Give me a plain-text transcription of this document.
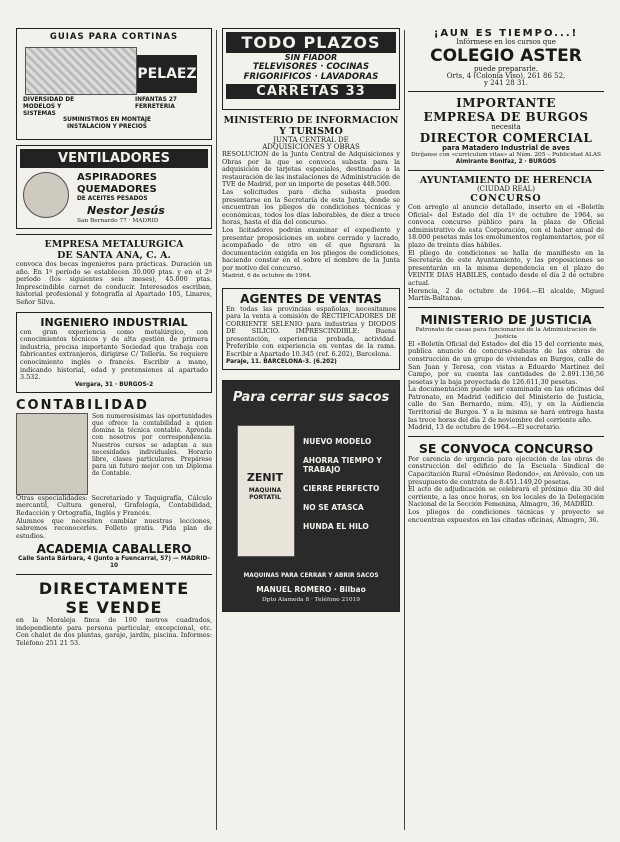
GUIAS PARA CORTINAS
DIVERSIDAD DE MODELOS Y SISTEMAS
PELAEZ
INFANTAS 27 FERRETERIA
SUMINISTROS EN MONTAJE INSTALACION Y PRECIOS
VENTILADORES
ASPIRADORES
QUEMADORES
DE ACEITES PESADOS
Nestor Jesús
San Bernardo 77 · MADRID
EMPRESA METALURGICA
DE SANTA ANA, C. A.
convoca dos becas ingenieros para prácticas. Duración un año. En 1º período se establecen 30.000 ptas. y en el 2º período (los siguientes seis meses), 45.000 ptas. Imprescindible carnet de conducir. Interesados escriban, historial profesional y fotografía al Apartado 105, Linares, Señor Silva.
INGENIERO INDUSTRIAL
con gran experiencia como metalúrgico, con conocimientos técnicos y de alta gestión de primera industria, precisa importante Sociedad que trabaja con fabricantes extranjeros, dirigirse C/ Tellería. Se requiere conocimiento inglés o francés. Escribir a mano, indicando historial, edad y pretensiones al apartado 3.532.
Vergara, 31 · BURGOS-2
CONTABILIDAD
Son numerosísimas las oportunidades que ofrece la contabilidad a quien domina la técnica contable. Aprenda con nosotros por correspondencia. Nuestros cursos se adaptan a sus necesidades individuales. Horario libre, clases particulares. Prepárese para un futuro mejor con un Diploma de Contable.
Otras especialidades: Secretariado y Taquigrafía, Cálculo mercantil, Cultura general, Grafología, Contabilidad, Redacción y Ortografía, Inglés y Francés.
Alumnos que necesiten cambiar nuestras lecciones, sabremos reconocerles. Folleto gratis. Pida plan de estudios.
ACADEMIA CABALLERO
Calle Santa Bárbara, 4 (Junto a Fuencarral, 57) — MADRID-10
DIRECTAMENTE
SE VENDE
en la Moraleja finca de 100 metros cuadrados, independiente para persona particular, excepcional, etc. Con chalet de dos plantas, garaje, jardín, piscina. Informes: Teléfono 251 21 53.
TODO PLAZOS
SIN FIADOR
TELEVISORES · COCINAS
FRIGORIFICOS · LAVADORAS
CARRETAS 33
MINISTERIO DE INFORMACION
Y TURISMO
JUNTA CENTRAL DE
ADQUISICIONES Y OBRAS
RESOLUCION de la Junta Central de Adquisiciones y Obras por la que se convoca subasta para la adquisición de tarjetas especiales, destinadas a la restauración de las instalaciones de Administración de TVE de Madrid, por un importe de pesetas 448.500.
Las solicitudes para dicha subasta pueden presentarse en la Secretaría de esta Junta, donde se encuentran los pliegos de condiciones técnicas y económicas, todos los días laborables, de diez a trece horas, hasta el día del concurso.
Los licitadores podrán examinar el expediente y presentar proposiciones en sobre cerrado y lacrado, acompañado de otro en el que figurará la documentación exigida en los pliegos de condiciones, haciendo constar en el sobre el nombre de la Junta por motivo del concurso.
Madrid, 6 de octubre de 1964.
AGENTES DE VENTAS
En todas las provincias españolas, necesitamos para la venta a comisión de RECTIFICADORES DE CORRIENTE SELENIO para industrias y DIODOS DE SILICIO. IMPRESCINDIBLE: Buena presentación, experiencia probada, actividad. Preferible con experiencia en ventas de la rama. Escribir a Apartado 10.345 (ref. 6.202), Barcelona.
Paraje, 11. BARCELONA-3. (6.202)
Para cerrar sus sacos
ZENIT
MAQUINA PORTATIL
NUEVO MODELO
AHORRA TIEMPO Y TRABAJO
CIERRE PERFECTO
NO SE ATASCA
HUNDA EL HILO
MAQUINAS PARA CERRAR Y ABRIR SACOS
MANUEL ROMERO · Bilbao
Dpto Alameda 8 · Teléfono 21019
¡AUN ES TIEMPO...!
Infórmese en los cursos que
COLEGIO ASTER
puede prepararle.
Orts, 4 (Colonia Viso), 261 86 52,
y 241 28 31.
IMPORTANTE
EMPRESA DE BURGOS
necesita
DIRECTOR COMERCIAL
para Matadero Industrial de aves
Diríjanse con «curriculum vitae» al Núm. 205 – Publicidad ALAS
Almirante Bonifaz, 2 · BURGOS
AYUNTAMIENTO DE HERENCIA
(CIUDAD REAL)
CONCURSO
Con arreglo al anuncio detallado, inserto en el «Boletín Oficial» del Estado del día 1º de octubre de 1964, se convoca concurso público para la plaza de Oficial administrativo de esta Corporación, con el haber anual de 18.000 pesetas más los emolumentos reglamentarios, por el plazo de treinta días hábiles.
El pliego de condiciones se halla de manifiesto en la Secretaría de este Ayuntamiento, y las proposiciones se presentarán en la misma dependencia en el plazo de VEINTE DIAS HABILES, contado desde el día 2 de octubre actual.
Herencia, 2 de octubre de 1964.—El alcalde, Miguel Martín-Baltanas.
MINISTERIO DE JUSTICIA
Patronato de casas para funcionarios de la Administración de Justicia
El «Boletín Oficial del Estado» del día 15 del corriente mes, publica anuncio de concurso-subasta de las obras de construcción de un grupo de viviendas en Burgos, calle de San Juan y Teresa, con vistas a Eduardo Martínez del Campo, por su cuenta las cantidades de 2.891.136,56 pesetas y la baja proyectada de 126.611,30 pesetas.
La documentación puede ser examinada en las oficinas del Patronato, en Madrid (edificio del Ministerio de Justicia, calle de San Bernardo, núm. 45), y en la Audiencia Territorial de Burgos. Y a la misma se hará entrega hasta las trece horas del día 2 de noviembre del corriente año.
Madrid, 13 de octubre de 1964.—El secretario.
SE CONVOCA CONCURSO
Por carencia de urgencia para ejecución de las obras de construcción del edificio de la Escuela Sindical de Capacitación Rural «Onésimo Redondo», en Arévalo, con un presupuesto de contrata de 8.451.149,20 pesetas.
El acto de adjudicación se celebrará el próximo día 30 del corriente, a las once horas, en los locales de la Delegación Nacional de la Sección Femenina, Almagro, 36, MADRID.
Los pliegos de condiciones técnicas y proyecto se encuentran expuestos en las citadas oficinas, Almagro, 36.
